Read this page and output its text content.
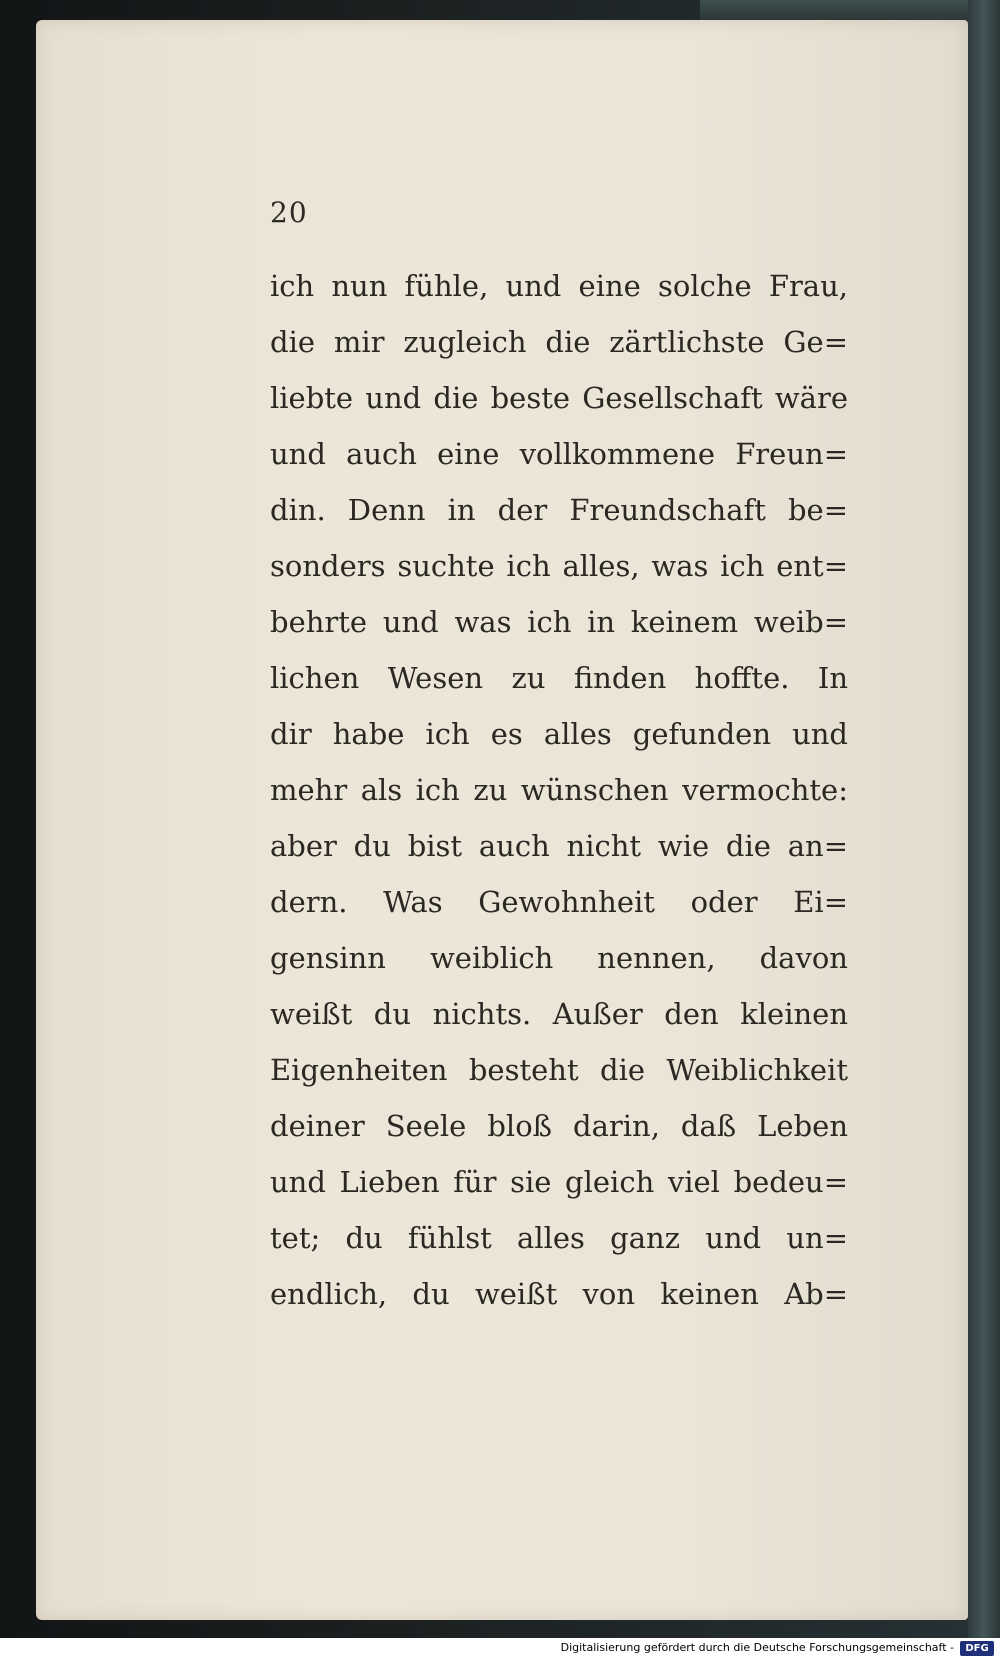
20
ich nun fühle, und eine solche Frau,
die mir zugleich die zärtlichste Ge=
liebte und die beste Gesellschaft wäre
und auch eine vollkommene Freun=
din. Denn in der Freundschaft be=
sonders suchte ich alles, was ich ent=
behrte und was ich in keinem weib=
lichen Wesen zu finden hoffte. In
dir habe ich es alles gefunden und
mehr als ich zu wünschen vermochte:
aber du bist auch nicht wie die an=
dern. Was Gewohnheit oder Ei=
gensinn weiblich nennen, davon
weißt du nichts. Außer den kleinen
Eigenheiten besteht die Weiblichkeit
deiner Seele bloß darin, daß Leben
und Lieben für sie gleich viel bedeu=
tet; du fühlst alles ganz und un=
endlich, du weißt von keinen Ab=
Digitalisierung gefördert durch die Deutsche Forschungsgemeinschaft -	DFG
